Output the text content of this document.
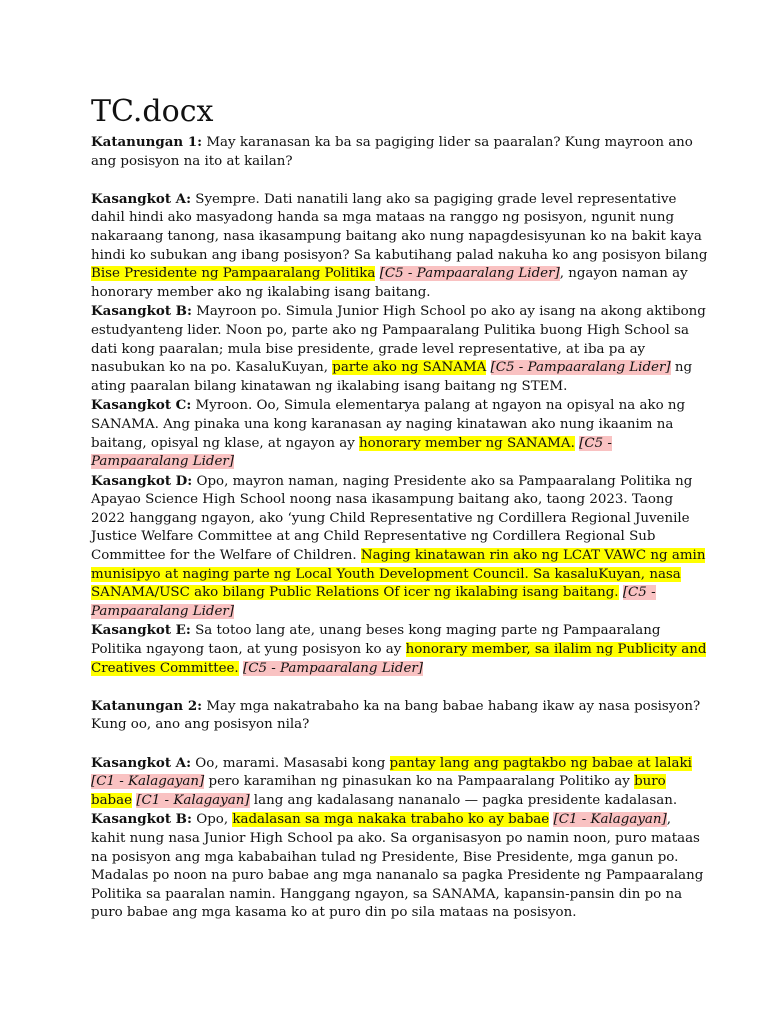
TC.docx

Katanungan 1: May karanasan ka ba sa pagiging lider sa paaralan? Kung mayroon ano ang posisyon na ito at kailan?

Kasangkot A: Syempre. Dati nanatili lang ako sa pagiging grade level representative dahil hindi ako masyadong handa sa mga mataas na ranggo ng posisyon, ngunit nung nakaraang tanong, nasa ikasampung baitang ako nung napagdesisyunan ko na bakit kaya hindi ko subukan ang ibang posisyon? Sa kabutihang palad nakuha ko ang posisyon bilang Bise Presidente ng Pampaaralang Politika [C5 - Pampaaralang Lider], ngayon naman ay honorary member ako ng ikalabing isang baitang.

Kasangkot B: Mayroon po. Simula Junior High School po ako ay isang na akong aktibong estudyanteng lider. Noon po, parte ako ng Pampaaralang Pulitika buong High School sa dati kong paaralan; mula bise presidente, grade level representative, at iba pa ay nasubukan ko na po. KasaluKuyan, parte ako ng SANAMA [C5 - Pampaaralang Lider] ng ating paaralan bilang kinatawan ng ikalabing isang baitang ng STEM.

Kasangkot C: Myroon. Oo, Simula elementarya palang at ngayon na opisyal na ako ng SANAMA. Ang pinaka una kong karanasan ay naging kinatawan ako nung ikaanim na baitang, opisyal ng klase, at ngayon ay honorary member ng SANAMA. [C5 - Pampaaralang Lider]

Kasangkot D: Opo, mayron naman, naging Presidente ako sa Pampaaralang Politika ng Apayao Science High School noong nasa ikasampung baitang ako, taong 2023. Taong 2022 hanggang ngayon, ako ‘yung Child Representative ng Cordillera Regional Juvenile Justice Welfare Committee at ang Child Representative ng Cordillera Regional Sub Committee for the Welfare of Children. Naging kinatawan rin ako ng LCAT VAWC ng amin munisipyo at naging parte ng Local Youth Development Council. Sa kasaluKuyan, nasa SANAMA/USC ako bilang Public Relations Of icer ng ikalabing isang baitang. [C5 - Pampaaralang Lider]

Kasangkot E: Sa totoo lang ate, unang beses kong maging parte ng Pampaaralang Politika ngayong taon, at yung posisyon ko ay honorary member, sa ilalim ng Publicity and Creatives Committee. [C5 - Pampaaralang Lider]

Katanungan 2: May mga nakatrabaho ka na bang babae habang ikaw ay nasa posisyon? Kung oo, ano ang posisyon nila?

Kasangkot A: Oo, marami. Masasabi kong pantay lang ang pagtakbo ng babae at lalaki [C1 - Kalagayan] pero karamihan ng pinasukan ko na Pampaaralang Politiko ay buro babae [C1 - Kalagayan] lang ang kadalasang nananalo — pagka presidente kadalasan.

Kasangkot B: Opo, kadalasan sa mga nakaka trabaho ko ay babae [C1 - Kalagayan], kahit nung nasa Junior High School pa ako. Sa organisasyon po namin noon, puro mataas na posisyon ang mga kababaihan tulad ng Presidente, Bise Presidente, mga ganun po. Madalas po noon na puro babae ang mga nananalo sa pagka Presidente ng Pampaaralang Politika sa paaralan namin. Hanggang ngayon, sa SANAMA, kapansin-pansin din po na puro babae ang mga kasama ko at puro din po sila mataas na posisyon.
